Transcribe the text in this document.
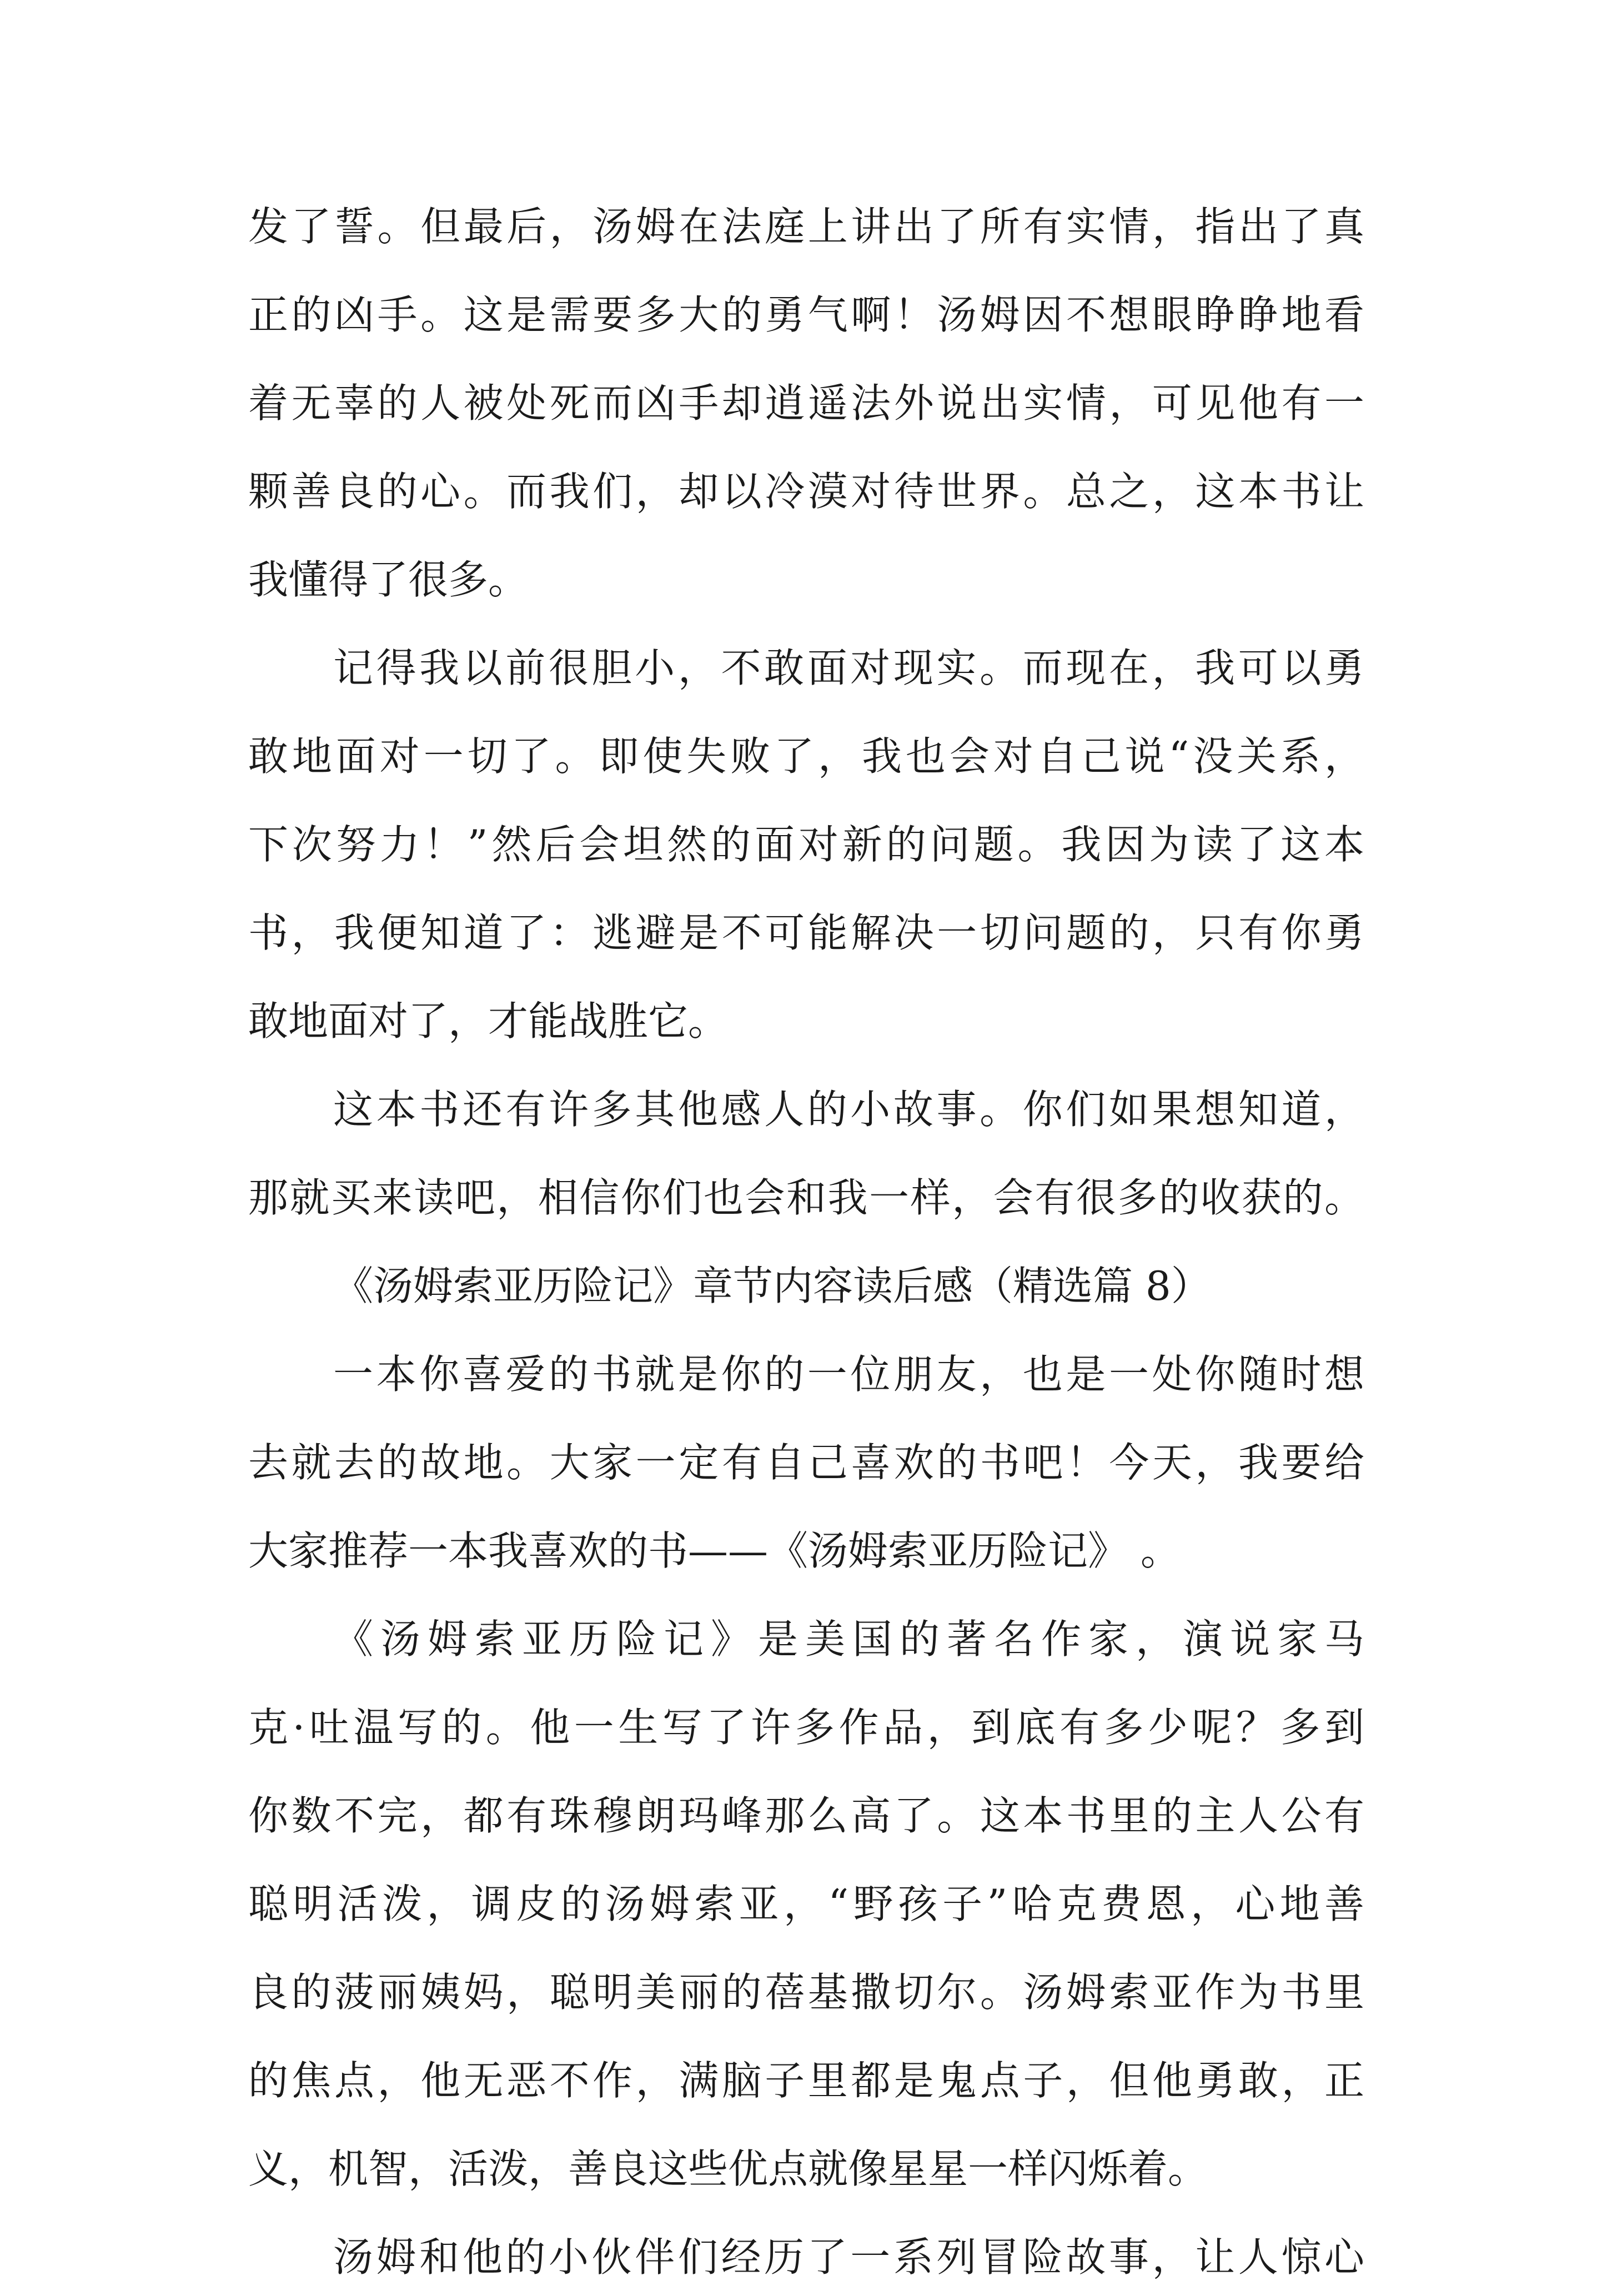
发了誓。但最后，汤姆在法庭上讲出了所有实情，指出了真
正的凶手。这是需要多大的勇气啊！汤姆因不想眼睁睁地看
着无辜的人被处死而凶手却逍遥法外说出实情，可见他有一
颗善良的心。而我们，却以冷漠对待世界。总之，这本书让
我懂得了很多。
记得我以前很胆小，不敢面对现实。而现在，我可以勇
敢地面对一切了。即使失败了，我也会对自己说“没关系，
下次努力！”然后会坦然的面对新的问题。我因为读了这本
书，我便知道了：逃避是不可能解决一切问题的，只有你勇
敢地面对了，才能战胜它。
这本书还有许多其他感人的小故事。你们如果想知道，
那就买来读吧，相信你们也会和我一样，会有很多的收获的。
《汤姆索亚历险记》章节内容读后感（精选篇 8）
一本你喜爱的书就是你的一位朋友，也是一处你随时想
去就去的故地。大家一定有自己喜欢的书吧！今天，我要给
大家推荐一本我喜欢的书——《汤姆索亚历险记》 。
《汤姆索亚历险记》是美国的著名作家，演说家马
克·吐温写的。他一生写了许多作品，到底有多少呢？多到
你数不完，都有珠穆朗玛峰那么高了。这本书里的主人公有
聪明活泼，调皮的汤姆索亚，“野孩子”哈克费恩，心地善
良的菠丽姨妈，聪明美丽的蓓基撒切尔。汤姆索亚作为书里
的焦点，他无恶不作，满脑子里都是鬼点子，但他勇敢，正
义，机智，活泼，善良这些优点就像星星一样闪烁着。
汤姆和他的小伙伴们经历了一系列冒险故事，让人惊心
